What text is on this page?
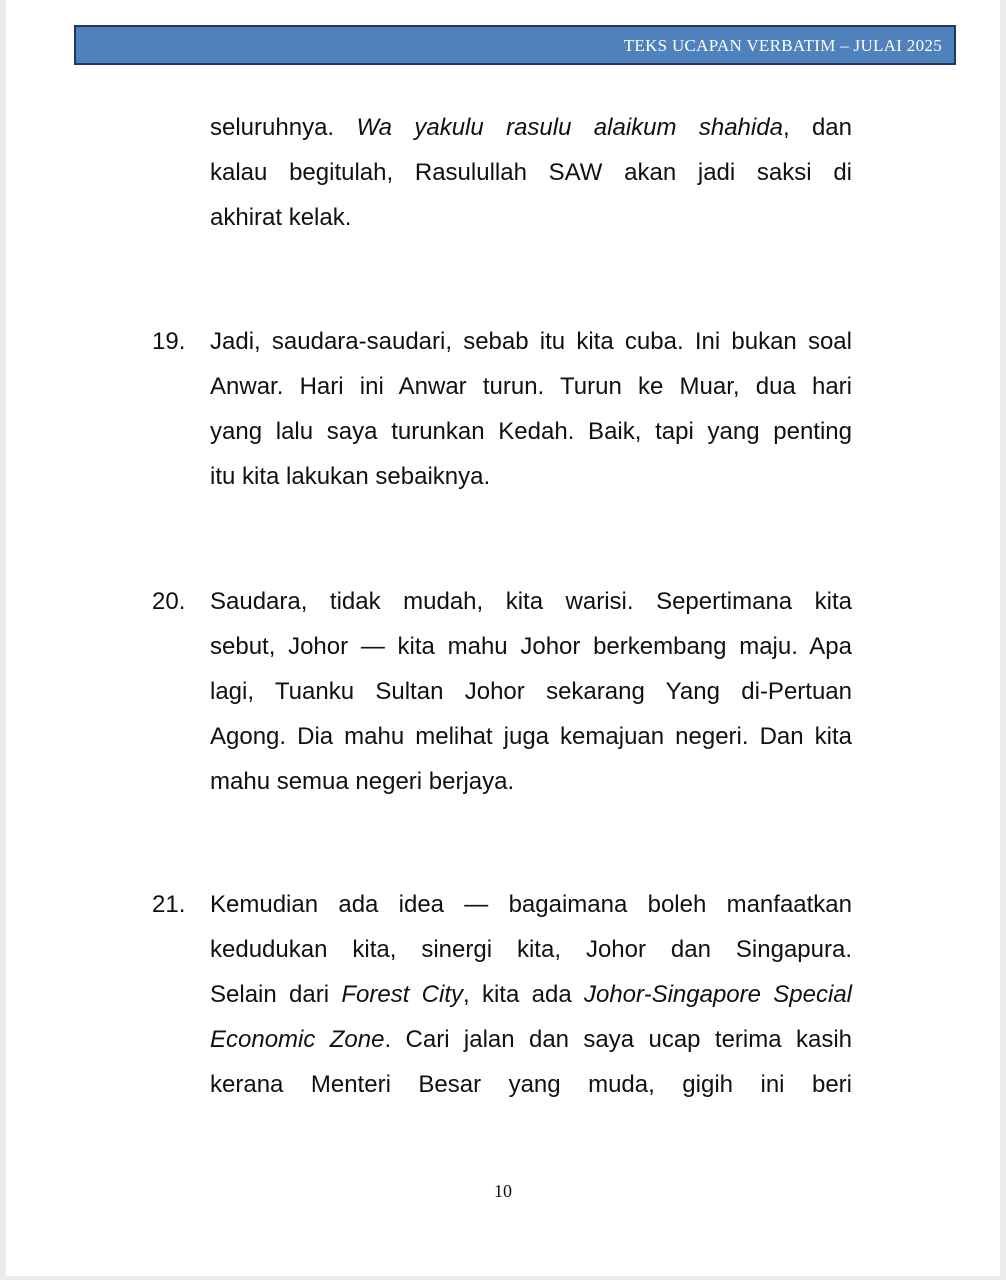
TEKS UCAPAN VERBATIM – JULAI 2025
seluruhnya. Wa yakulu rasulu alaikum shahida, dan
kalau begitulah, Rasulullah SAW akan jadi saksi di
akhirat kelak.
19. Jadi, saudara-saudari, sebab itu kita cuba. Ini bukan soal
Anwar. Hari ini Anwar turun. Turun ke Muar, dua hari
yang lalu saya turunkan Kedah. Baik, tapi yang penting
itu kita lakukan sebaiknya.
20. Saudara, tidak mudah, kita warisi. Sepertimana kita
sebut, Johor — kita mahu Johor berkembang maju. Apa
lagi, Tuanku Sultan Johor sekarang Yang di-Pertuan
Agong. Dia mahu melihat juga kemajuan negeri. Dan kita
mahu semua negeri berjaya.
21. Kemudian ada idea — bagaimana boleh manfaatkan
kedudukan kita, sinergi kita, Johor dan Singapura.
Selain dari Forest City, kita ada Johor-Singapore Special
Economic Zone. Cari jalan dan saya ucap terima kasih
kerana Menteri Besar yang muda, gigih ini beri
10
